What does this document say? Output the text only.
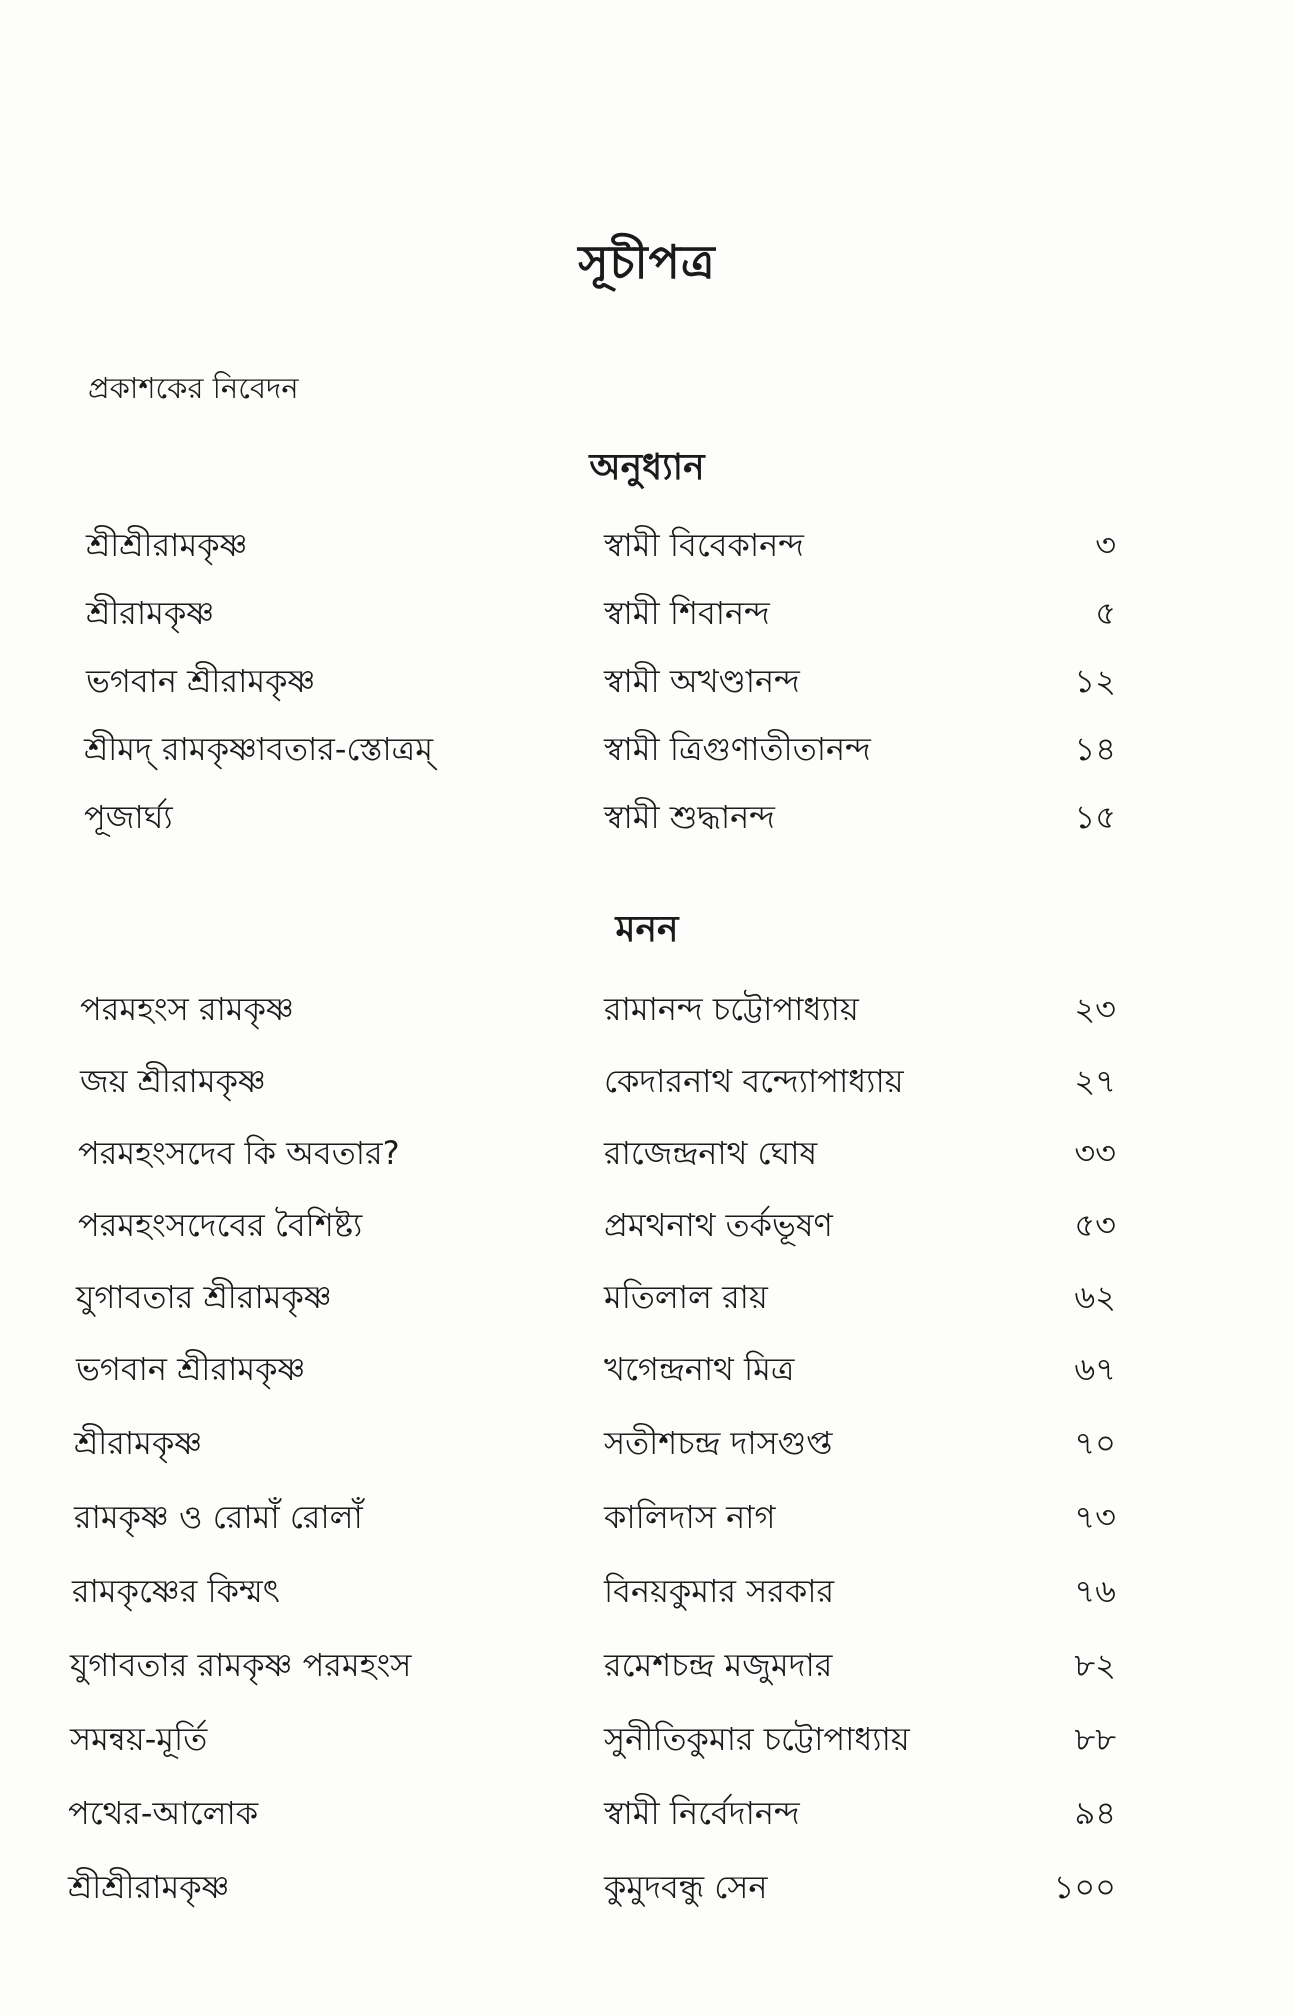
সূচীপত্র
প্রকাশকের নিবেদন
অনুধ্যান
শ্রীশ্রীরামকৃষ্ণ	স্বামী বিবেকানন্দ	৩
শ্রীরামকৃষ্ণ	স্বামী শিবানন্দ	৫
ভগবান শ্রীরামকৃষ্ণ	স্বামী অখণ্ডানন্দ	১২
শ্রীমদ্ রামকৃষ্ণাবতার-স্তোত্রম্	স্বামী ত্রিগুণাতীতানন্দ	১৪
পূজার্ঘ্য	স্বামী শুদ্ধানন্দ	১৫
মনন
পরমহংস রামকৃষ্ণ	রামানন্দ চট্টোপাধ্যায়	২৩
জয় শ্রীরামকৃষ্ণ	কেদারনাথ বন্দ্যোপাধ্যায়	২৭
পরমহংসদেব কি অবতার?	রাজেন্দ্রনাথ ঘোষ	৩৩
পরমহংসদেবের বৈশিষ্ট্য	প্রমথনাথ তর্কভূষণ	৫৩
যুগাবতার শ্রীরামকৃষ্ণ	মতিলাল রায়	৬২
ভগবান শ্রীরামকৃষ্ণ	খগেন্দ্রনাথ মিত্র	৬৭
শ্রীরামকৃষ্ণ	সতীশচন্দ্র দাসগুপ্ত	৭০
রামকৃষ্ণ ও রোমাঁ রোলাঁ	কালিদাস নাগ	৭৩
রামকৃষ্ণের কিম্মৎ	বিনয়কুমার সরকার	৭৬
যুগাবতার রামকৃষ্ণ পরমহংস	রমেশচন্দ্র মজুমদার	৮২
সমন্বয়-মূর্তি	সুনীতিকুমার চট্টোপাধ্যায়	৮৮
পথের-আলোক	স্বামী নির্বেদানন্দ	৯৪
শ্রীশ্রীরামকৃষ্ণ	কুমুদবন্ধু সেন	১০০
